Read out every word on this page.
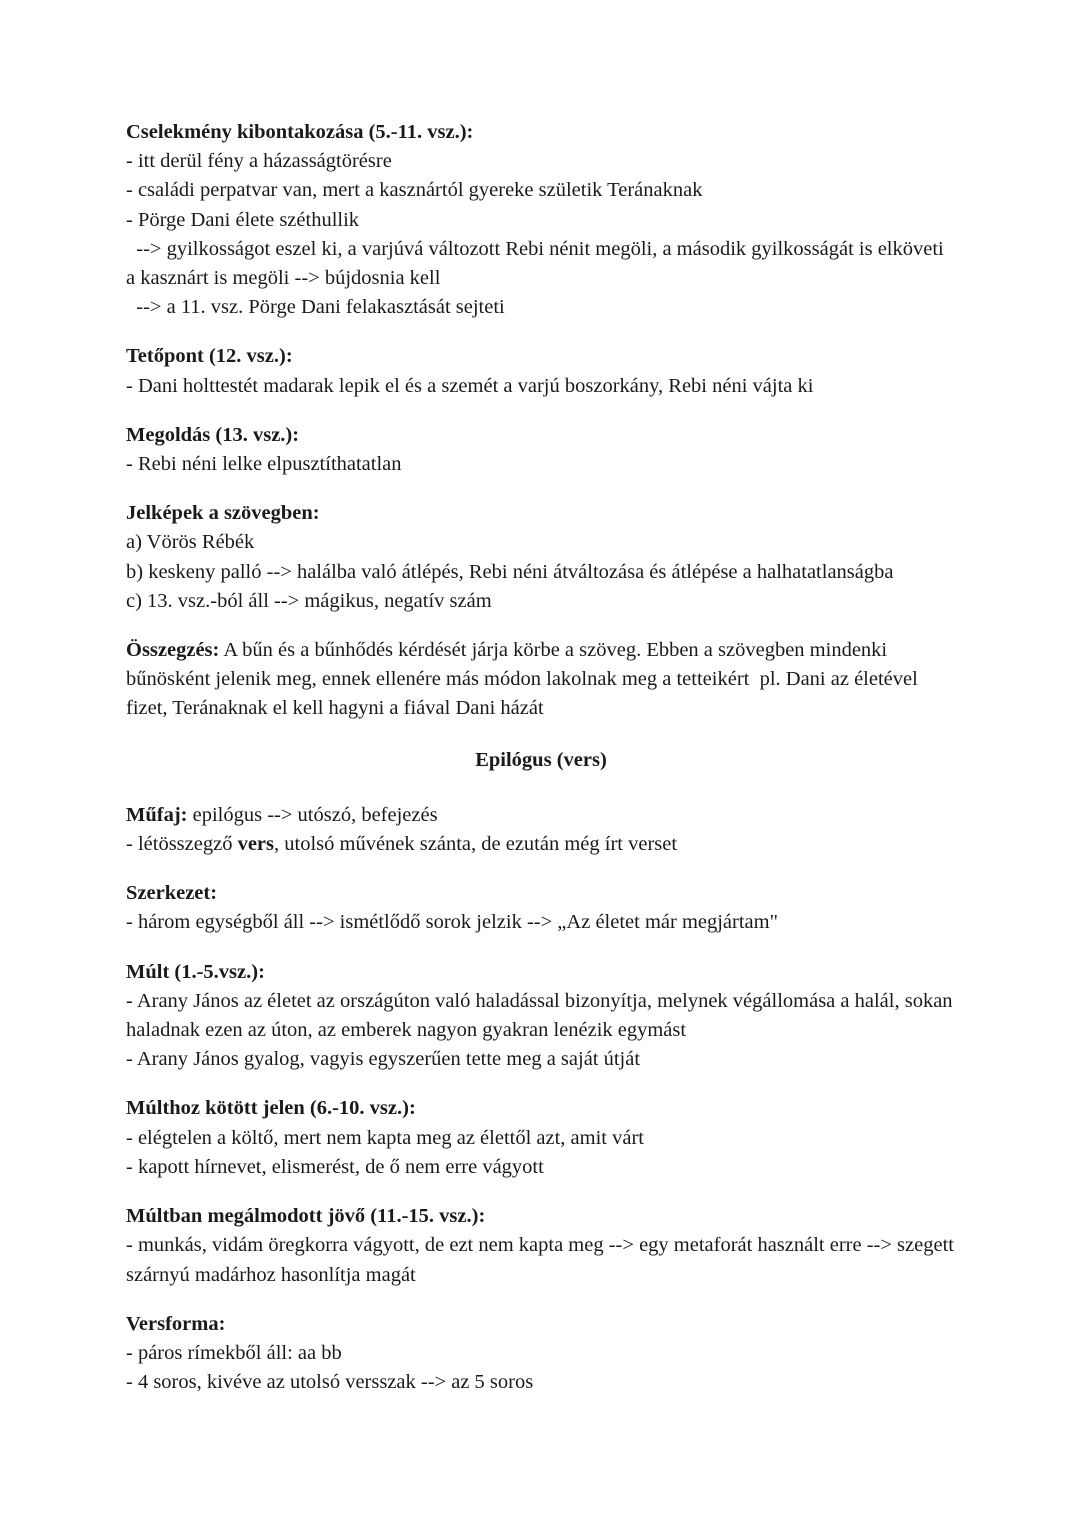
Cselekmény kibontakozása (5.-11. vsz.):

- itt derül fény a házasságtörésre

- családi perpatvar van, mert a kasznártól gyereke születik Teránaknak

- Pörge Dani élete széthullik

--> gyilkosságot eszel ki, a varjúvá változott Rebi nénit megöli, a második gyilkosságát is elköveti a kasznárt is megöli --> bújdosnia kell

--> a 11. vsz. Pörge Dani felakasztását sejteti

Tetőpont (12. vsz.):

- Dani holttestét madarak lepik el és a szemét a varjú boszorkány, Rebi néni vájta ki

Megoldás (13. vsz.):

- Rebi néni lelke elpusztíthatatlan

Jelképek a szövegben:

a) Vörös Rébék

b) keskeny palló --> halálba való átlépés, Rebi néni átváltozása és átlépése a halhatatlanságba

c) 13. vsz.-ból áll --> mágikus, negatív szám

Összegzés: A bűn és a bűnhődés kérdését járja körbe a szöveg. Ebben a szövegben mindenki bűnösként jelenik meg, ennek ellenére más módon lakolnak meg a tetteikért  pl. Dani az életével fizet, Teránaknak el kell hagyni a fiával Dani házát

Epilógus (vers)

Műfaj: epilógus --> utószó, befejezés

- létösszegző vers, utolsó művének szánta, de ezután még írt verset

Szerkezet:

- három egységből áll --> ismétlődő sorok jelzik --> „Az életet már megjártam"

Múlt (1.-5.vsz.):

- Arany János az életet az országúton való haladással bizonyítja, melynek végállomása a halál, sokan haladnak ezen az úton, az emberek nagyon gyakran lenézik egymást

- Arany János gyalog, vagyis egyszerűen tette meg a saját útját

Múlthoz kötött jelen (6.-10. vsz.):

- elégtelen a költő, mert nem kapta meg az élettől azt, amit várt

- kapott hírnevet, elismerést, de ő nem erre vágyott

Múltban megálmodott jövő (11.-15. vsz.):

- munkás, vidám öregkorra vágyott, de ezt nem kapta meg --> egy metaforát használt erre --> szegett szárnyú madárhoz hasonlítja magát

Versforma:

- páros rímekből áll: aa bb

- 4 soros, kivéve az utolsó versszak --> az 5 soros
